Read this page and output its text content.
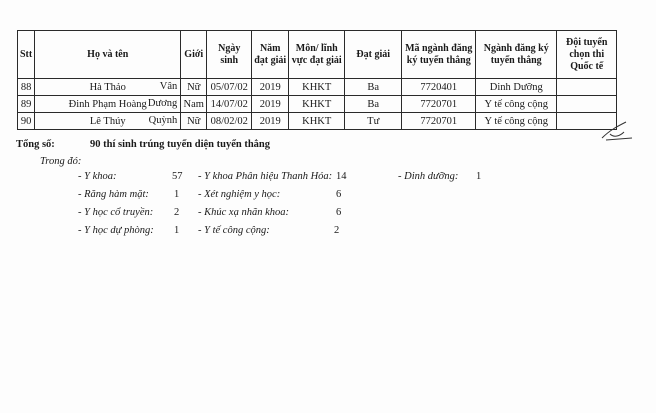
Stt	Họ và tên	Giới	Ngày sinh	Năm đạt giải	Môn/ lĩnh vực đạt giải	Đạt giải	Mã ngành đăng ký tuyển thẳng	Ngành đăng ký tuyển thẳng	Đội tuyển chọn thi Quốc tế
88	Hà Thảo Vân	Nữ	05/07/02	2019	KHKT	Ba	7720401	Dinh Dưỡng	
89	Đinh Phạm Hoàng Dương	Nam	14/07/02	2019	KHKT	Ba	7720701	Y tế công cộng	
90	Lê Thúy Quỳnh	Nữ	08/02/02	2019	KHKT	Tư	7720701	Y tế công cộng	
Tổng số:	90 thí sinh trúng tuyển diện tuyển thẳng
Trong đó:
- Y khoa:	57
- Răng hàm mặt: 1
- Y học cổ truyền: 2
- Y học dự phòng: 1
- Y khoa Phân hiệu Thanh Hóa: 14
- Xét nghiệm y học:	6
- Khúc xạ nhãn khoa:	6
- Y tế công cộng:	2
- Dinh dưỡng: 1
